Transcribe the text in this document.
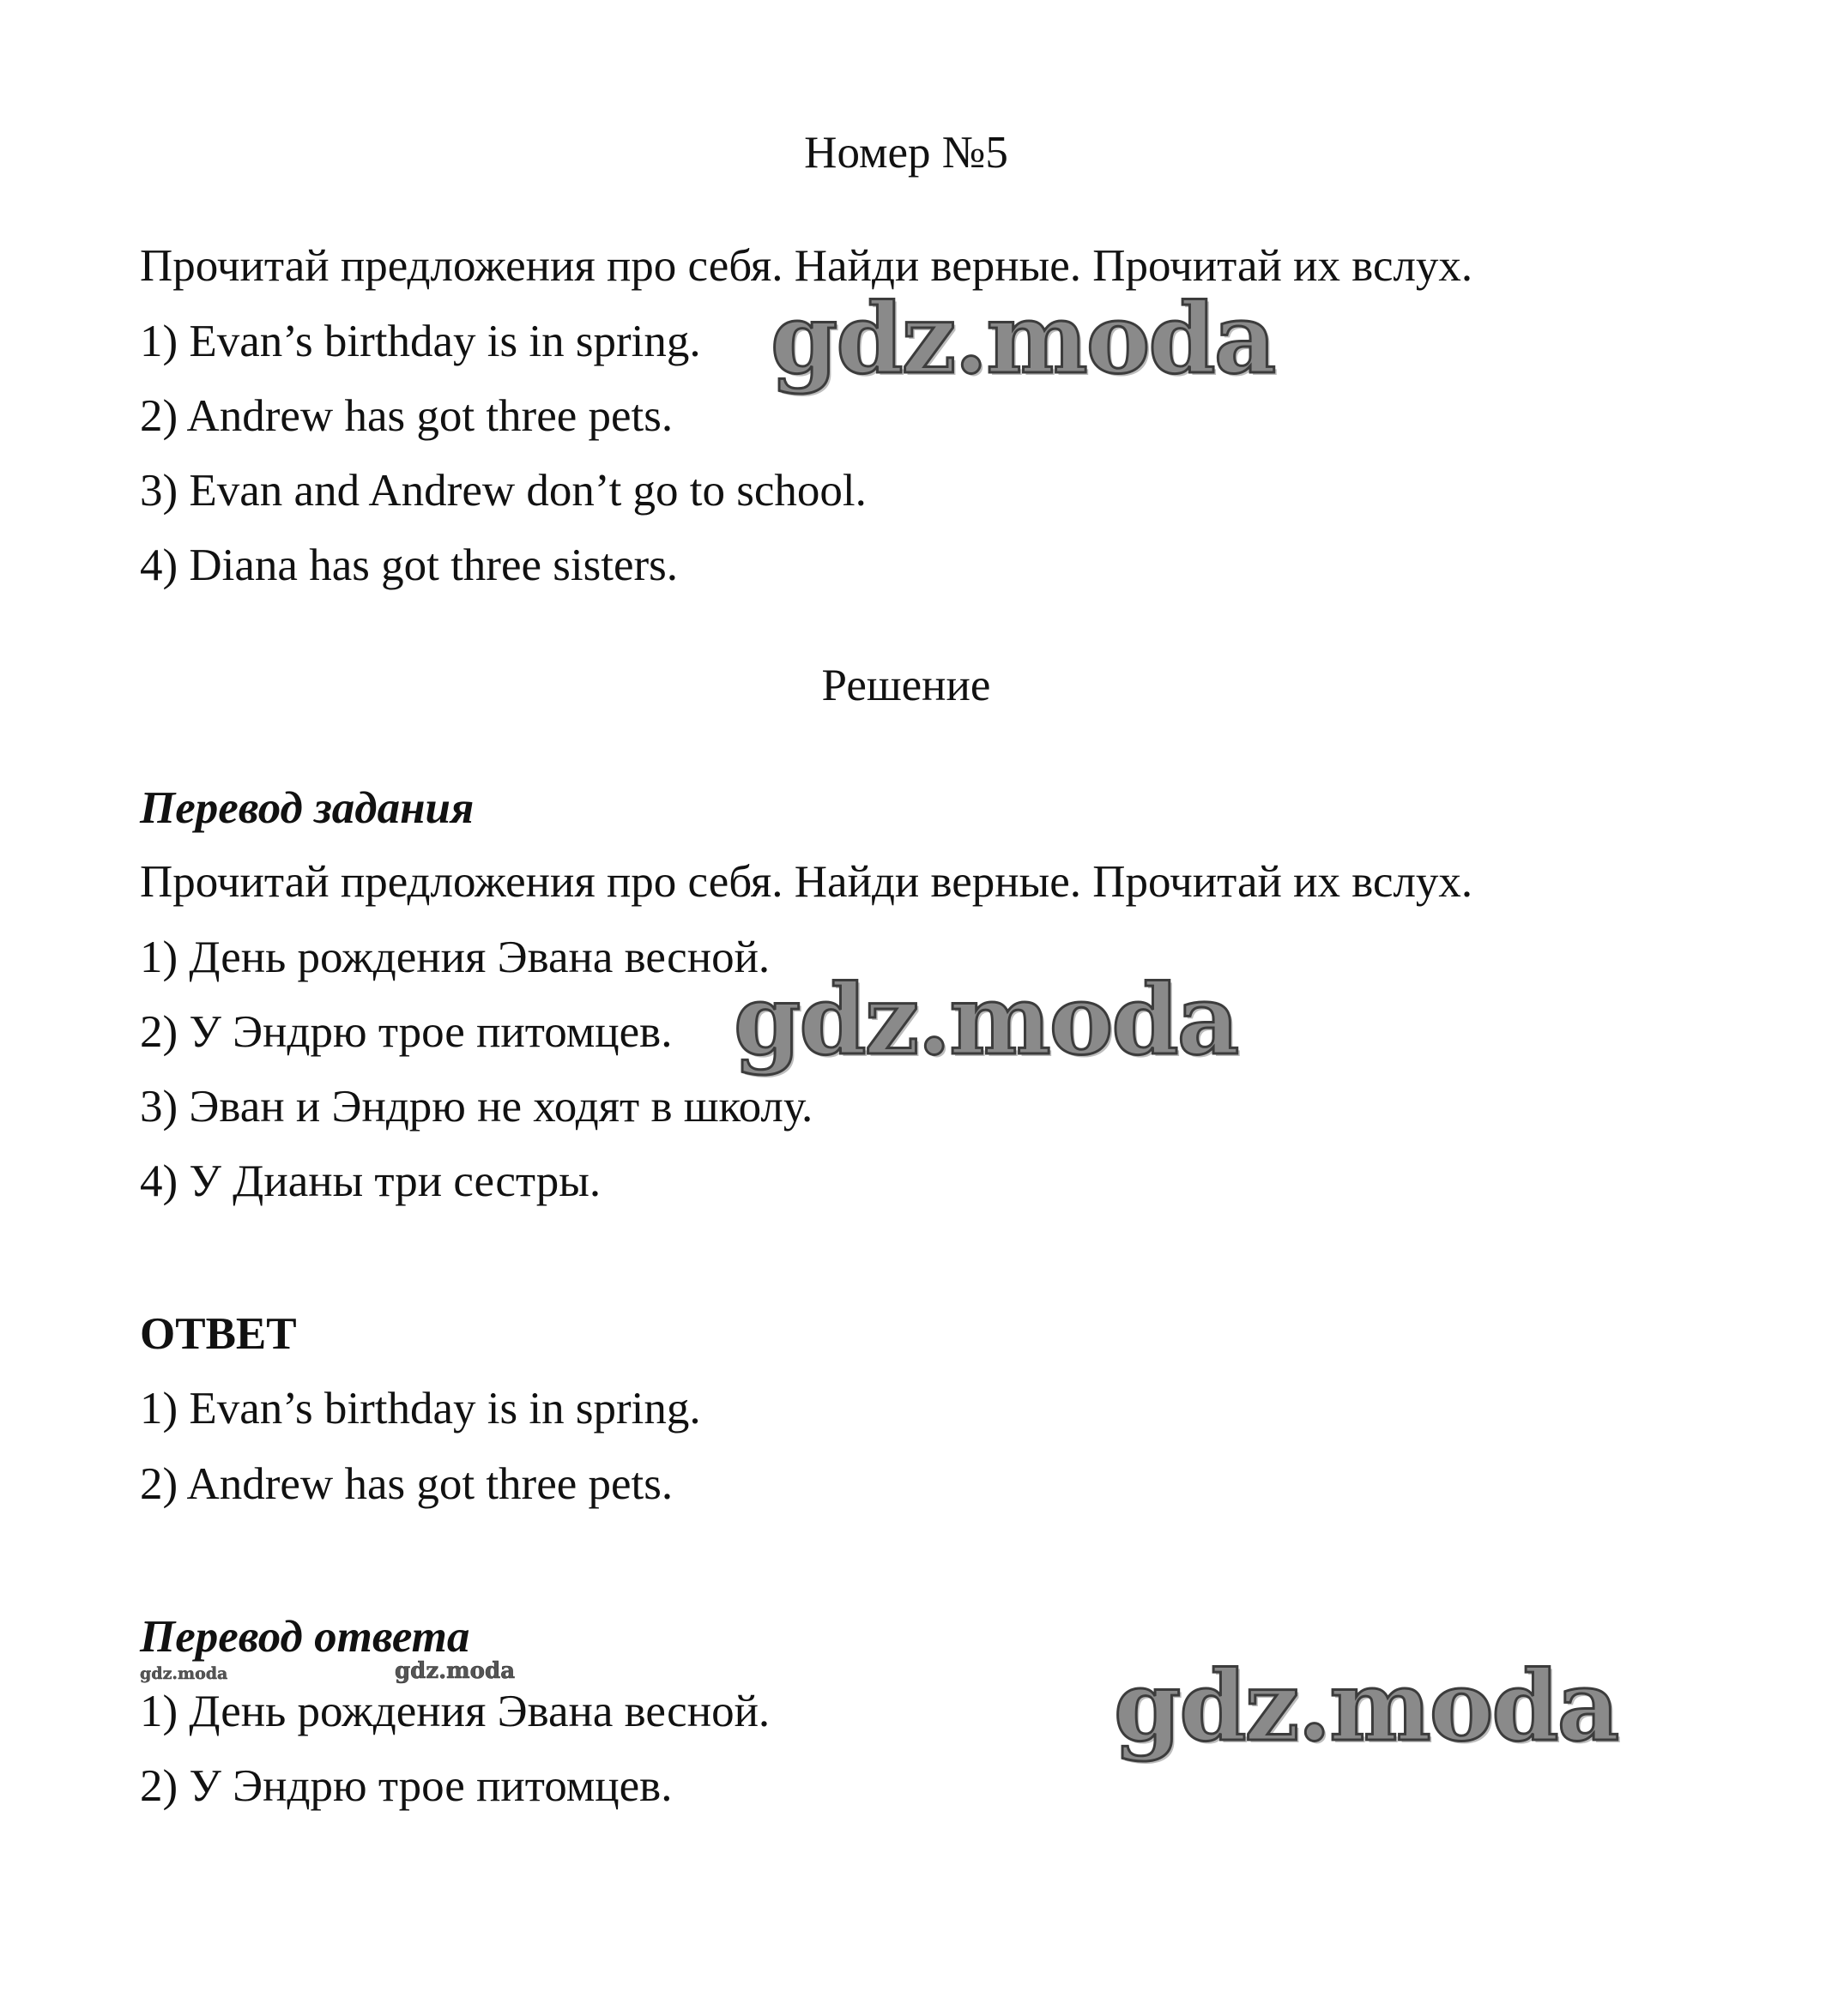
Номер №5
Прочитай предложения про себя. Найди верные. Прочитай их вслух.
1) Evan’s birthday is in spring.
2) Andrew has got three pets.
3) Evan and Andrew don’t go to school.
4) Diana has got three sisters.
Решение
Перевод задания
Прочитай предложения про себя. Найди верные. Прочитай их вслух.
1) День рождения Эвана весной.
2) У Эндрю трое питомцев.
3) Эван и Эндрю не ходят в школу.
4) У Дианы три сестры.
ОТВЕТ
1) Evan’s birthday is in spring.
2) Andrew has got three pets.
Перевод ответа
1) День рождения Эвана весной.
2) У Эндрю трое питомцев.
gdz.moda
gdz.moda
gdz.moda
gdz.moda
gdz.moda
